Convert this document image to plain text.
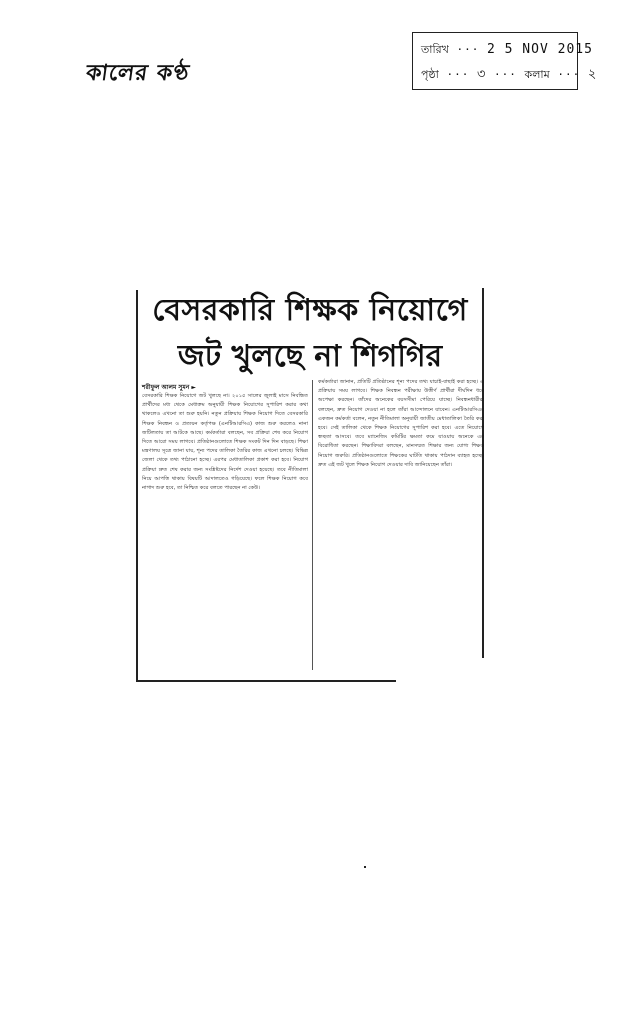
কালের কণ্ঠ
তারিখ ··· 2 5 NOV 2015
পৃষ্ঠা ··· ৩ ··· কলাম ··· ২
বেসরকারি শিক্ষক নিয়োগে
জট খুলছে না শিগগির
শরীফুল আলম সুমন ►
বেসরকারি শিক্ষক নিয়োগে জট খুলছে না। ২০১৫ সালের জুলাই মাসে নিবন্ধিত প্রার্থীদের মধ্য থেকে মেধাক্রম অনুযায়ী শিক্ষক নিয়োগের সুপারিশ করার কথা থাকলেও এখনো তা শুরু হয়নি। নতুন প্রক্রিয়ায় শিক্ষক নিয়োগ দিতে বেসরকারি শিক্ষক নিবন্ধন ও প্রত্যয়ন কর্তৃপক্ষ (এনটিআরসিএ) কাজ শুরু করলেও নানা জটিলতায় তা আটকে আছে। কর্মকর্তারা বলছেন, সব প্রক্রিয়া শেষ করে নিয়োগ দিতে আরো সময় লাগবে। প্রতিষ্ঠানগুলোতে শিক্ষক সংকট দিন দিন বাড়ছে। শিক্ষা মন্ত্রণালয় সূত্রে জানা যায়, শূন্য পদের তালিকা তৈরির কাজ এখনো চলছে। বিভিন্ন জেলা থেকে তথ্য পাঠানো হচ্ছে। এরপর মেধাতালিকা প্রকাশ করা হবে। নিয়োগ প্রক্রিয়া দ্রুত শেষ করার জন্য সংশ্লিষ্টদের নির্দেশ দেওয়া হয়েছে। তবে নীতিমালা নিয়ে আপত্তি থাকায় বিষয়টি আদালতেও গড়িয়েছে। ফলে শিক্ষক নিয়োগ কবে নাগাদ শুরু হবে, তা নিশ্চিত করে বলতে পারছেন না কেউ।
কর্মকর্তারা জানান, প্রতিটি প্রতিষ্ঠানের শূন্য পদের তথ্য যাচাই-বাছাই করা হচ্ছে। এ প্রক্রিয়ায় সময় লাগবে। শিক্ষক নিবন্ধন পরীক্ষায় উত্তীর্ণ প্রার্থীরা দীর্ঘদিন ধরে অপেক্ষা করছেন। তাঁদের অনেকের বয়সসীমা পেরিয়ে যাচ্ছে। নিবন্ধনধারীরা বলছেন, দ্রুত নিয়োগ দেওয়া না হলে তাঁরা আন্দোলনে যাবেন। এনটিআরসিএর একজন কর্মকর্তা বলেন, নতুন নীতিমালা অনুযায়ী জাতীয় মেধাতালিকা তৈরি করা হবে। সেই তালিকা থেকে শিক্ষক নিয়োগের সুপারিশ করা হবে। এতে নিয়োগে স্বচ্ছতা আসবে। তবে ম্যানেজিং কমিটির ক্ষমতা কমে যাওয়ায় অনেকে এর বিরোধিতা করছেন। শিক্ষাবিদরা বলছেন, মানসম্মত শিক্ষার জন্য যোগ্য শিক্ষক নিয়োগ জরুরি। প্রতিষ্ঠানগুলোতে শিক্ষকের ঘাটতি থাকায় পাঠদান ব্যাহত হচ্ছে। দ্রুত এই জট খুলে শিক্ষক নিয়োগ দেওয়ার দাবি জানিয়েছেন তাঁরা।
